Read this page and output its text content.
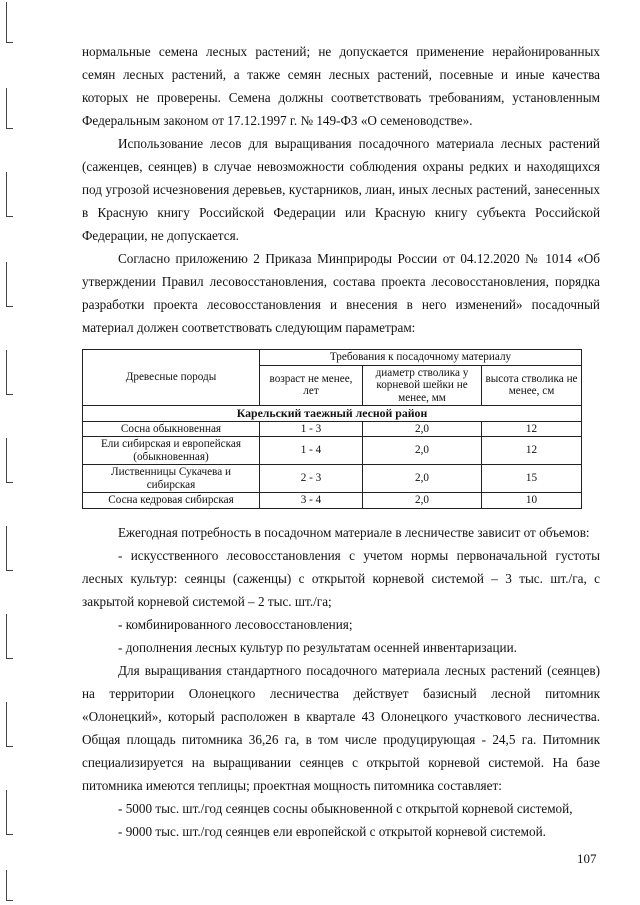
нормальные семена лесных растений; не допускается применение нерайонированных семян лесных растений, а также семян лесных растений, посевные и иные качества которых не проверены. Семена должны соответствовать требованиям, установленным Федеральным законом от 17.12.1997 г. № 149-ФЗ «О семеноводстве».

Использование лесов для выращивания посадочного материала лесных растений (саженцев, сеянцев) в случае невозможности соблюдения охраны редких и находящихся под угрозой исчезновения деревьев, кустарников, лиан, иных лесных растений, занесенных в Красную книгу Российской Федерации или Красную книгу субъекта Российской Федерации, не допускается.

Согласно приложению 2 Приказа Минприроды России от 04.12.2020 № 1014 «Об утверждении Правил лесовосстановления, состава проекта лесовосстановления, порядка разработки проекта лесовосстановления и внесения в него изменений» посадочный материал должен соответствовать следующим параметрам:

Древесные породы	Требования к посадочному материалу		
	возраст не менее, лет	диаметр стволика у корневой шейки не менее, мм	высота стволика не менее, см
Карельский таежный лесной район			
Сосна обыкновенная	1 - 3	2,0	12
Ели сибирская и европейская (обыкновенная)	1 - 4	2,0	12
Лиственницы Сукачева и сибирская	2 - 3	2,0	15
Сосна кедровая сибирская	3 - 4	2,0	10

Ежегодная потребность в посадочном материале в лесничестве зависит от объемов:

- искусственного лесовосстановления с учетом нормы первоначальной густоты лесных культур: сеянцы (саженцы) с открытой корневой системой – 3 тыс. шт./га, с закрытой корневой системой – 2 тыс. шт./га;

- комбинированного лесовосстановления;

- дополнения лесных культур по результатам осенней инвентаризации.

Для выращивания стандартного посадочного материала лесных растений (сеянцев) на территории Олонецкого лесничества действует базисный лесной питомник «Олонецкий», который расположен в квартале 43 Олонецкого участкового лесничества. Общая площадь питомника 36,26 га, в том числе продуцирующая - 24,5 га. Питомник специализируется на выращивании сеянцев с открытой корневой системой. На базе питомника имеются теплицы; проектная мощность питомника составляет:

- 5000 тыс. шт./год сеянцев сосны обыкновенной с открытой корневой системой,

- 9000 тыс. шт./год сеянцев ели европейской с открытой корневой системой.

107
